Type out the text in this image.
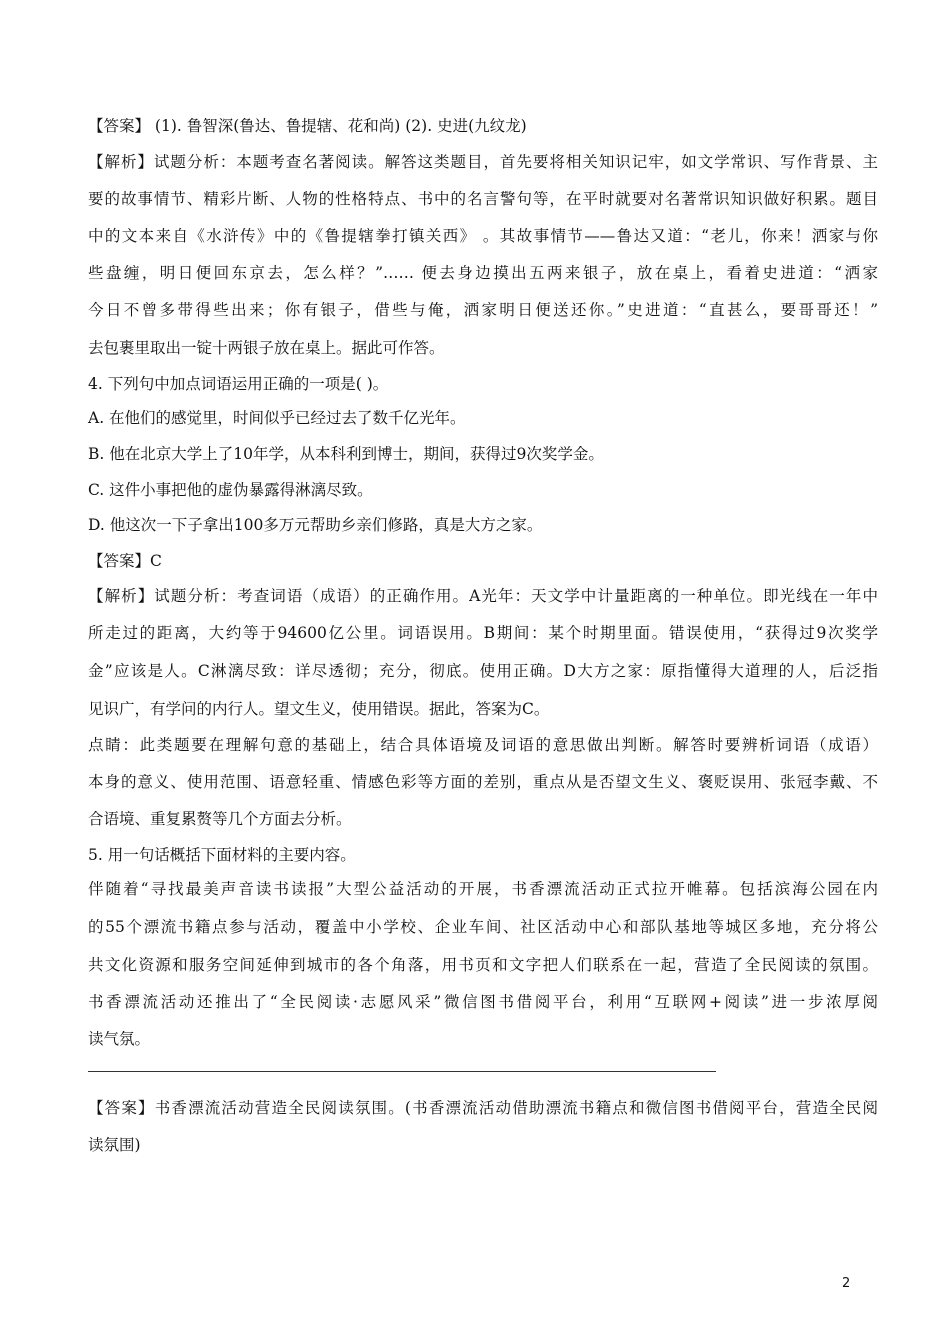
【答案】 (1). 鲁智深(鲁达、鲁提辖、花和尚) (2). 史进(九纹龙)
【解析】试题分析：本题考查名著阅读。解答这类题目，首先要将相关知识记牢，如文学常识、写作背景、主
要的故事情节、精彩片断、人物的性格特点、书中的名言警句等，在平时就要对名著常识知识做好积累。题目
中的文本来自《水浒传》中的《鲁提辖拳打镇关西》 。其故事情节——鲁达又道：“老儿，你来！洒家与你
些盘缠，明日便回东京去，怎么样？”…… 便去身边摸出五两来银子，放在桌上，看着史进道：“洒家
今日不曾多带得些出来；你有银子，借些与俺，洒家明日便送还你。”史进道：“直甚么，要哥哥还！”
去包裹里取出一锭十两银子放在桌上。据此可作答。
4. 下列句中加点词语运用正确的一项是( )。
A. 在他们的感觉里，时间似乎已经过去了数千亿光年。
B. 他在北京大学上了10年学，从本科利到博士，期间，获得过9次奖学金。
C. 这件小事把他的虚伪暴露得淋漓尽致。
D. 他这次一下子拿出100多万元帮助乡亲们修路，真是大方之家。
【答案】C
【解析】试题分析：考查词语（成语）的正确作用。A光年：天文学中计量距离的一种单位。即光线在一年中
所走过的距离，大约等于94600亿公里。词语误用。B期间：某个时期里面。错误使用，“获得过9次奖学
金”应该是人。C淋漓尽致：详尽透彻；充分，彻底。使用正确。D大方之家：原指懂得大道理的人，后泛指
见识广，有学问的内行人。望文生义，使用错误。据此，答案为C。
点睛：此类题要在理解句意的基础上，结合具体语境及词语的意思做出判断。解答时要辨析词语（成语）
本身的意义、使用范围、语意轻重、情感色彩等方面的差别，重点从是否望文生义、褒贬误用、张冠李戴、不
合语境、重复累赘等几个方面去分析。
5. 用一句话概括下面材料的主要内容。
伴随着“寻找最美声音读书读报”大型公益活动的开展，书香漂流活动正式拉开帷幕。包括滨海公园在内
的55个漂流书籍点参与活动，覆盖中小学校、企业车间、社区活动中心和部队基地等城区多地，充分将公
共文化资源和服务空间延伸到城市的各个角落，用书页和文字把人们联系在一起，营造了全民阅读的氛围。
书香漂流活动还推出了“全民阅读·志愿风采”微信图书借阅平台，利用“互联网+阅读”进一步浓厚阅
读气氛。
【答案】书香漂流活动营造全民阅读氛围。(书香漂流活动借助漂流书籍点和微信图书借阅平台，营造全民阅
读氛围)
2
